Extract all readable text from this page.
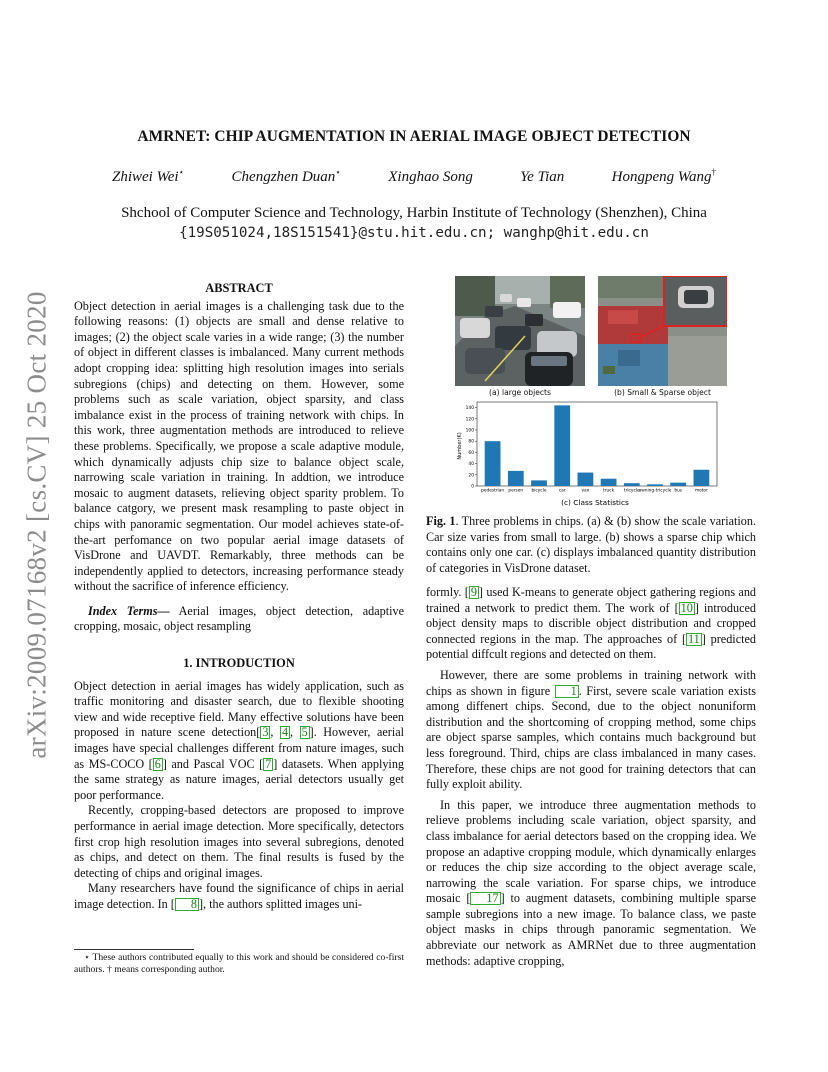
arXiv:2009.07168v2 [cs.CV] 25 Oct 2020
AMRNET: CHIP AUGMENTATION IN AERIAL IMAGE OBJECT DETECTION
Zhiwei Wei⋆	Chengzhen Duan⋆	Xinghao Song	Ye Tian	Hongpeng Wang†
Shchool of Computer Science and Technology, Harbin Institute of Technology (Shenzhen), China
{19S051024,18S151541}@stu.hit.edu.cn; wanghp@hit.edu.cn

ABSTRACT

Object detection in aerial images is a challenging task due to the following reasons: (1) objects are small and dense relative to images; (2) the object scale varies in a wide range; (3) the number of object in different classes is imbalanced. Many current methods adopt cropping idea: splitting high resolution images into serials subregions (chips) and detecting on them. However, some problems such as scale variation, object sparsity, and class imbalance exist in the process of training network with chips. In this work, three augmentation methods are introduced to relieve these problems. Specifically, we propose a scale adaptive module, which dynamically adjusts chip size to balance object scale, narrowing scale variation in training. In addtion, we introduce mosaic to augment datasets, relieving object sparity problem. To balance catgory, we present mask resampling to paste object in chips with panoramic segmentation. Our model achieves state-of-the-art perfomance on two popular aerial image datasets of VisDrone and UAVDT. Remarkably, three methods can be independently applied to detectors, increasing performance steady without the sacrifice of inference efficiency.

Index Terms— Aerial images, object detection, adaptive cropping, mosaic, object resampling

1. INTRODUCTION

Object detection in aerial images has widely application, such as traffic monitoring and disaster search, due to flexible shooting view and wide receptive field. Many effective solutions have been proposed in nature scene detection[ 3 , 4 , 5 ]. However, aerial images have special challenges different from nature images, such as MS-COCO [ 6 ] and Pascal VOC [ 7 ] datasets. When applying the same strategy as nature images, aerial detectors usually get poor performance.

Recently, cropping-based detectors are proposed to improve performance in aerial image detection. More specifically, detectors first crop high resolution images into several subregions, denoted as chips, and detect on them. The final results is fused by the detecting of chips and original images.

Many researchers have found the significance of chips in aerial image detection. In [ 8 ], the authors splitted images uni-

⋆ These authors contributed equally to this work and should be considered co-first authors. † means corresponding author.

(a) large objects	(b) Small & Sparse object
0
20
40
60
80
100
120
140
pedestrian person bicycle	car	van	truck tricycle
awning-tricycle bus	motor
Number(K)
(c) Class Statistics
Fig. 1. Three problems in chips. (a) & (b) show the scale variation. Car size varies from small to large. (b) shows a sparse chip which contains only one car. (c) displays imbalanced quantity distribution of categories in VisDrone dataset.

formly. [ 9 ] used K-means to generate object gathering regions and trained a network to predict them. The work of [ 10 ] introduced object density maps to discrible object distribution and cropped connected regions in the map. The approaches of [ 11 ] predicted potential diffcult regions and detected on them.

However, there are some problems in training network with chips as shown in figure 1 . First, severe scale variation exists among diffenert chips. Second, due to the object nonuniform distribution and the shortcoming of cropping method, some chips are object sparse samples, which contains much background but less foreground. Third, chips are class imbalanced in many cases. Therefore, these chips are not good for training detectors that can fully exploit ability.

In this paper, we introduce three augmentation methods to relieve problems including scale variation, object sparsity, and class imbalance for aerial detectors based on the cropping idea. We propose an adaptive cropping module, which dynamically enlarges or reduces the chip size according to the object average scale, narrowing the scale variation. For sparse chips, we introduce mosaic [ 17 ] to augment datasets, combining multiple sparse sample subregions into a new image. To balance class, we paste object masks in chips through panoramic segmentation. We abbreviate our network as AMRNet due to three augmentation methods: adaptive cropping,
